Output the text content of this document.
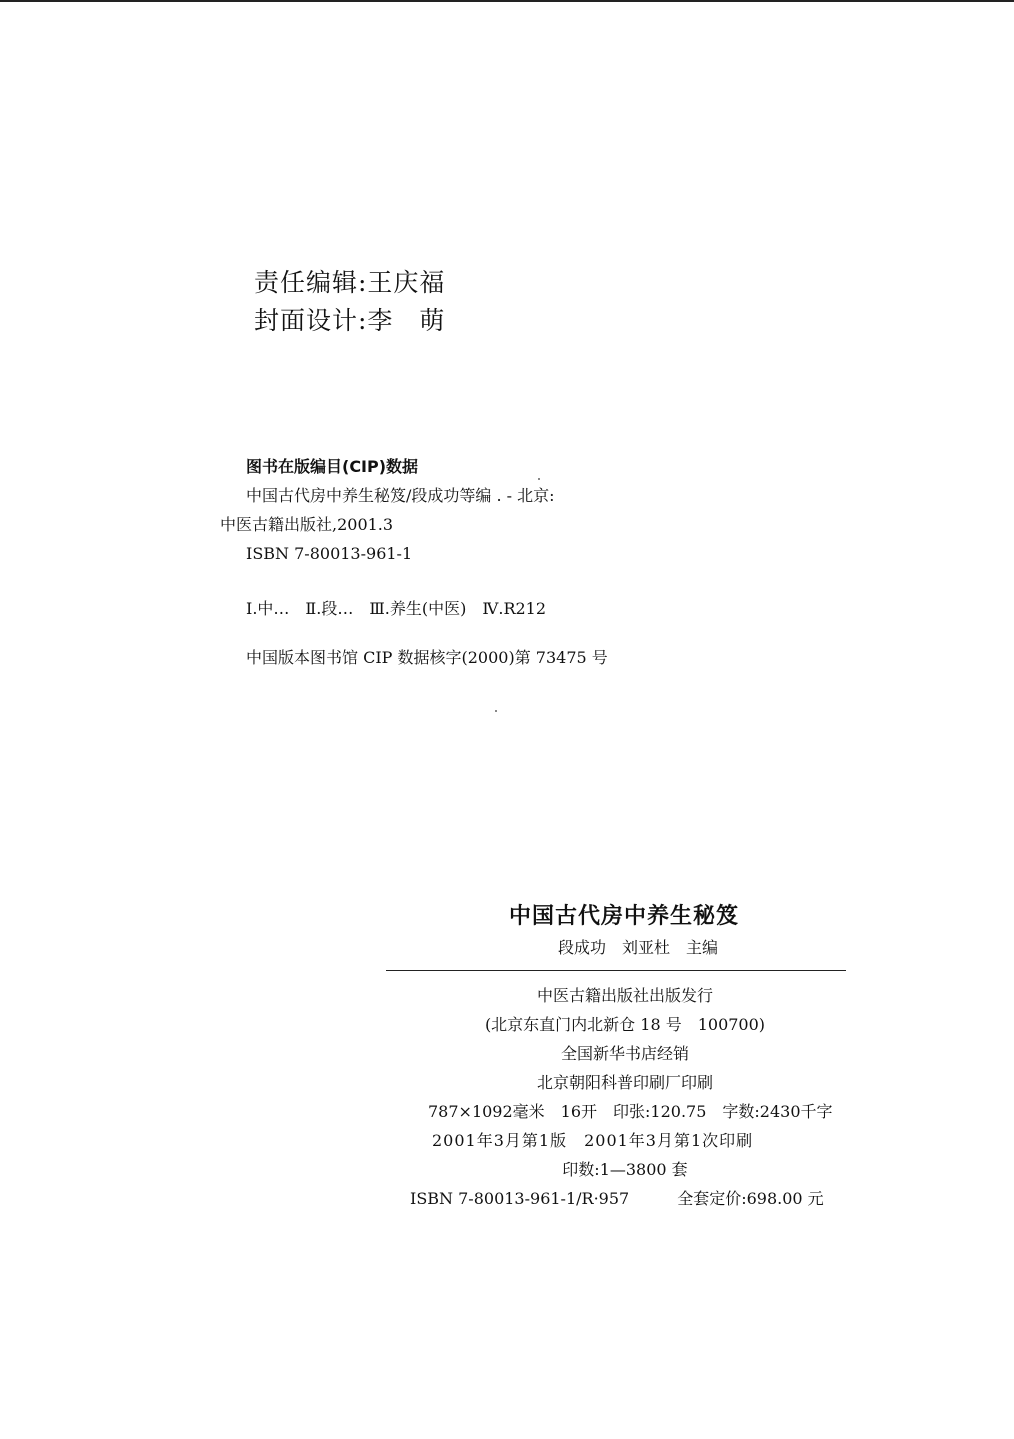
责任编辑:王庆福
封面设计:李　萌
图书在版编目(CIP)数据
中国古代房中养生秘笈/段成功等编 . - 北京:
中医古籍出版社,2001.3
ISBN 7-80013-961-1
Ⅰ.中…　Ⅱ.段…　Ⅲ.养生(中医)　Ⅳ.R212
中国版本图书馆 CIP 数据核字(2000)第 73475 号
中国古代房中养生秘笈
段成功　刘亚杜　主编
中医古籍出版社出版发行
(北京东直门内北新仓 18 号　100700)
全国新华书店经销
北京朝阳科普印刷厂印刷
787×1092毫米　16开　印张:120.75　字数:2430千字
2001年3月第1版　2001年3月第1次印刷
印数:1—3800 套
ISBN 7-80013-961-1/R·957　　　全套定价:698.00 元
